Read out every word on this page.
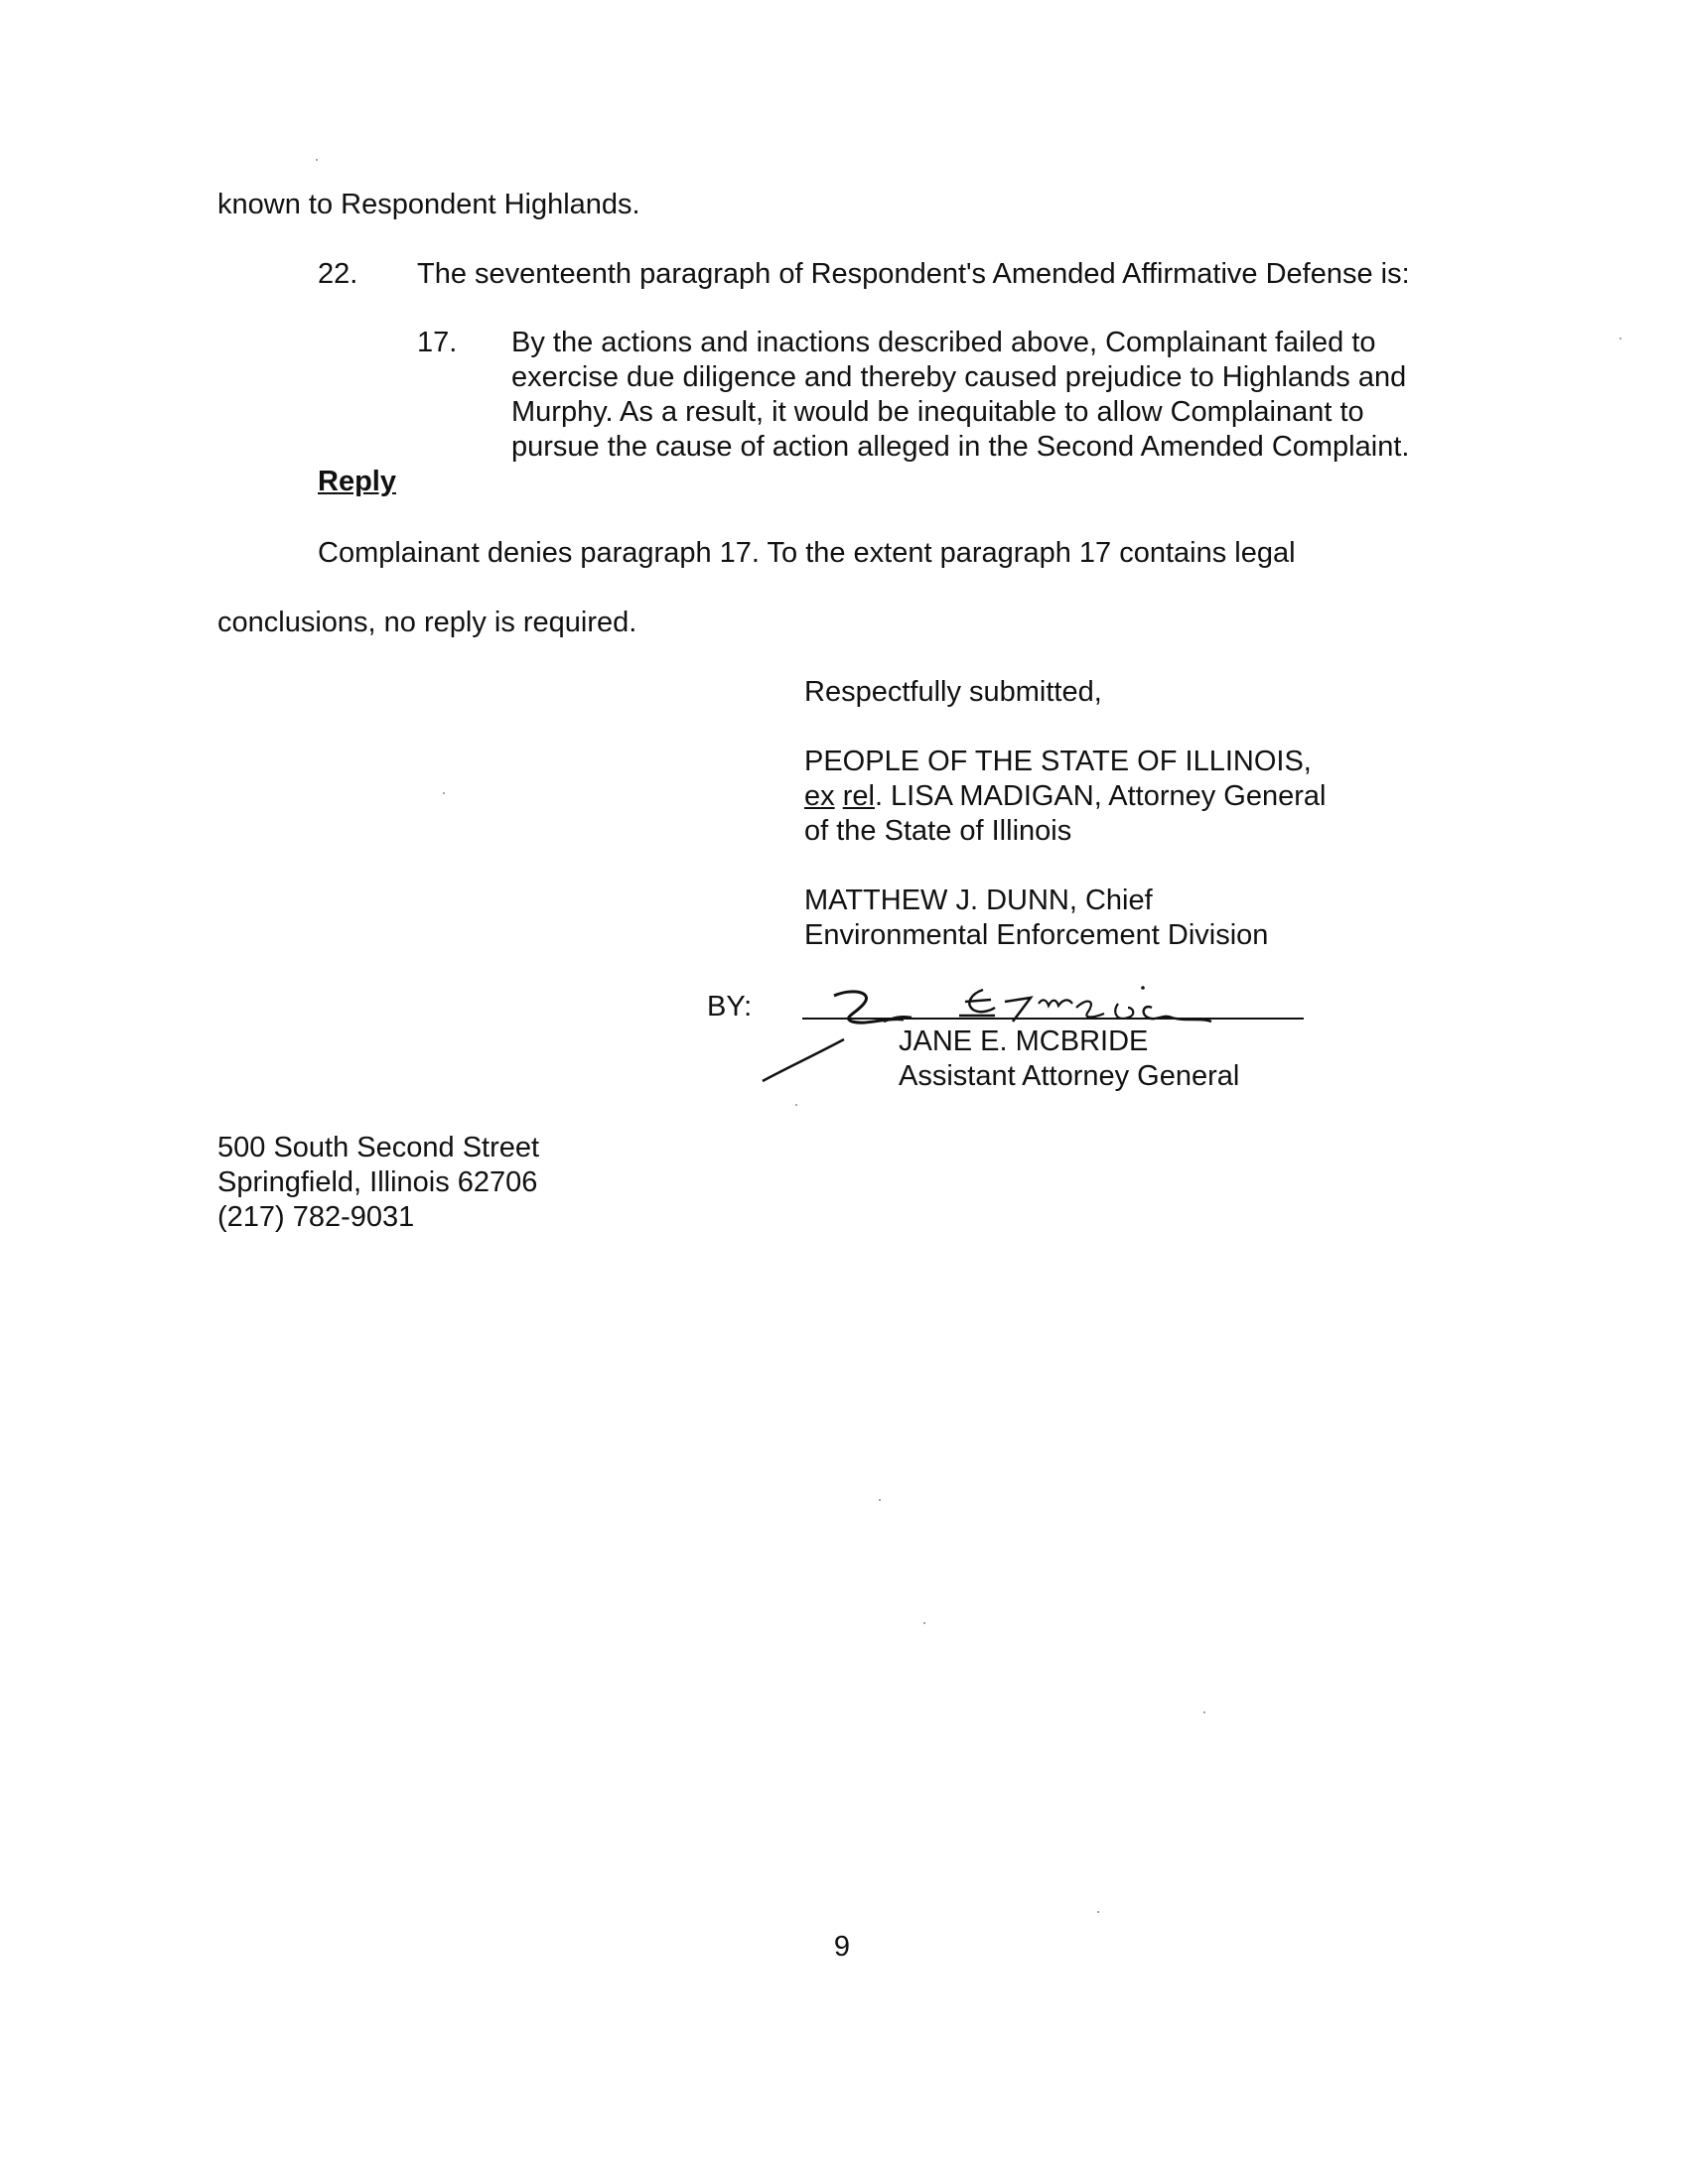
known to Respondent Highlands.
22. The seventeenth paragraph of Respondent's Amended Affirmative Defense is:
17. By the actions and inactions described above, Complainant failed to
exercise due diligence and thereby caused prejudice to Highlands and
Murphy. As a result, it would be inequitable to allow Complainant to
pursue the cause of action alleged in the Second Amended Complaint.
Reply
Complainant denies paragraph 17. To the extent paragraph 17 contains legal
conclusions, no reply is required.
Respectfully submitted,
PEOPLE OF THE STATE OF ILLINOIS,
ex rel. LISA MADIGAN, Attorney General
of the State of Illinois
MATTHEW J. DUNN, Chief
Environmental Enforcement Division
BY:
JANE E. MCBRIDE
Assistant Attorney General
500 South Second Street
Springfield, Illinois 62706
(217) 782-9031
9
